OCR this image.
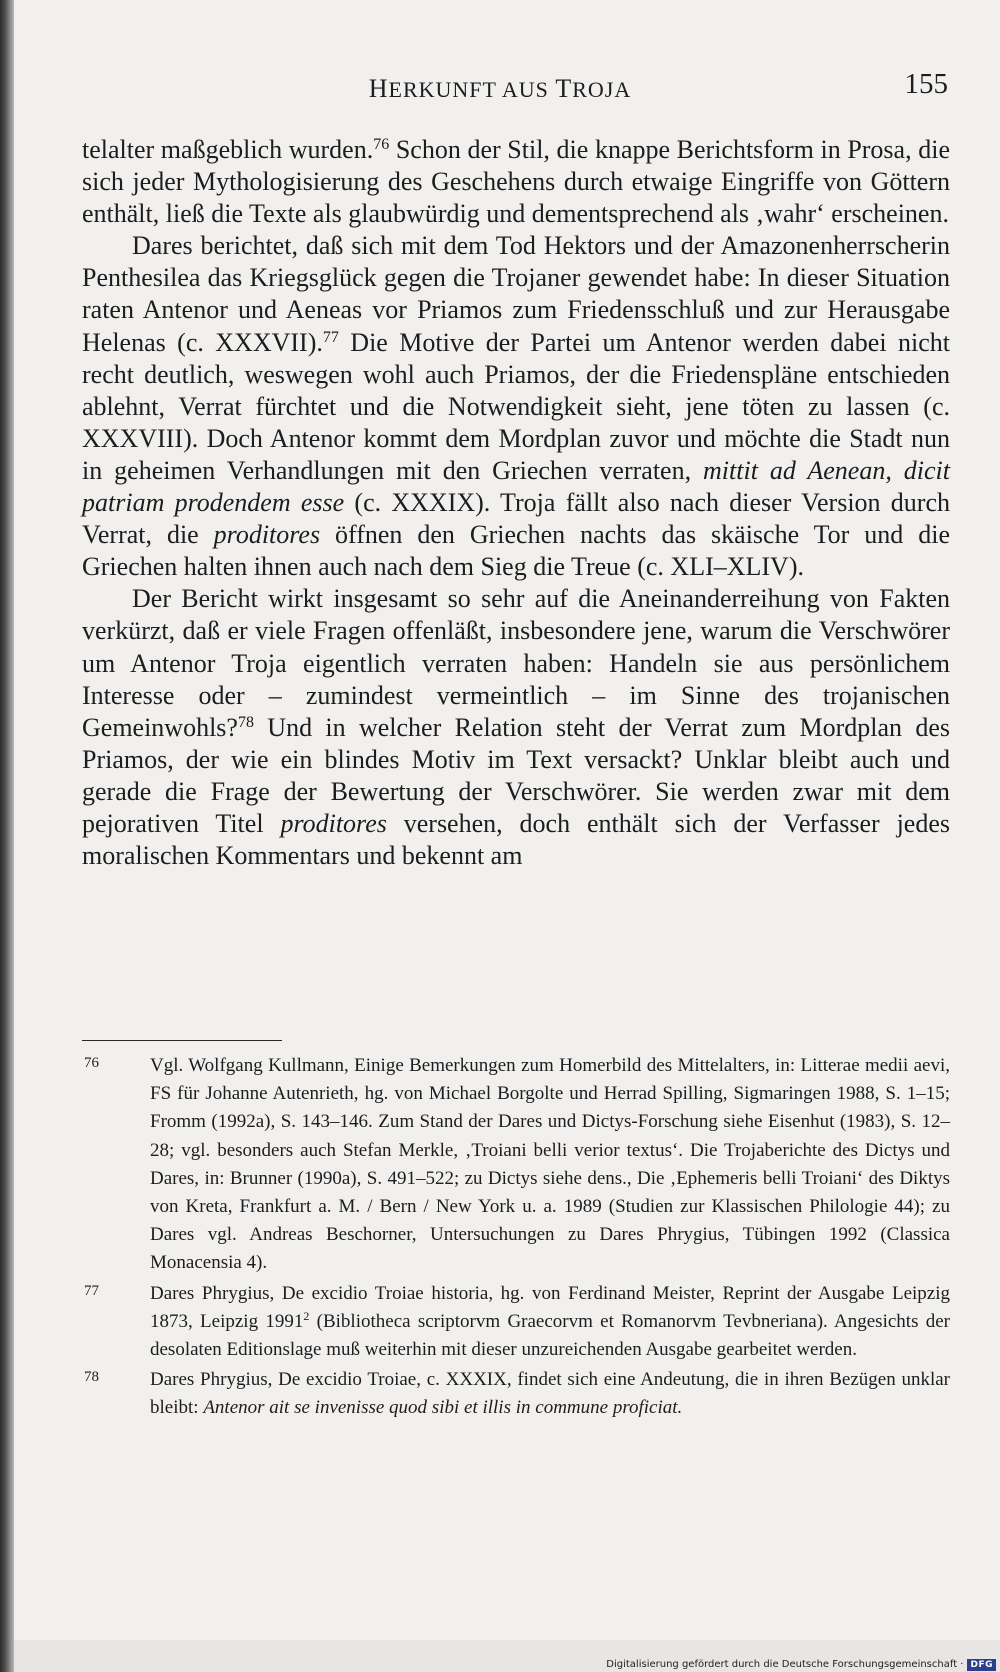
HERKUNFT AUS TROJA	155

telalter maßgeblich wurden.$^{76}$ Schon der Stil, die knappe Berichtsform in Prosa, die sich jeder Mythologisierung des Geschehens durch etwaige Eingriffe von Göttern enthält, ließ die Texte als glaubwürdig und dementsprechend als ‚wahr‘ erscheinen.

Dares berichtet, daß sich mit dem Tod Hektors und der Amazonenherrscherin Penthesilea das Kriegsglück gegen die Trojaner gewendet habe: In dieser Situation raten Antenor und Aeneas vor Priamos zum Friedensschluß und zur Herausgabe Helenas (c. XXXVII).$^{77}$ Die Motive der Partei um Antenor werden dabei nicht recht deutlich, weswegen wohl auch Priamos, der die Friedenspläne entschieden ablehnt, Verrat fürchtet und die Notwendigkeit sieht, jene töten zu lassen (c. XXXVIII). Doch Antenor kommt dem Mordplan zuvor und möchte die Stadt nun in geheimen Verhandlungen mit den Griechen verraten, mittit ad Aenean, dicit patriam prodendem esse (c. XXXIX). Troja fällt also nach dieser Version durch Verrat, die proditores öffnen den Griechen nachts das skäische Tor und die Griechen halten ihnen auch nach dem Sieg die Treue (c. XLI–XLIV).

Der Bericht wirkt insgesamt so sehr auf die Aneinanderreihung von Fakten verkürzt, daß er viele Fragen offenläßt, insbesondere jene, warum die Verschwörer um Antenor Troja eigentlich verraten haben: Handeln sie aus persönlichem Interesse oder – zumindest vermeintlich – im Sinne des trojanischen Gemeinwohls?$^{78}$ Und in welcher Relation steht der Verrat zum Mordplan des Priamos, der wie ein blindes Motiv im Text versackt? Unklar bleibt auch und gerade die Frage der Bewertung der Verschwörer. Sie werden zwar mit dem pejorativen Titel proditores versehen, doch enthält sich der Verfasser jedes moralischen Kommentars und bekennt am

76	Vgl. Wolfgang Kullmann, Einige Bemerkungen zum Homerbild des Mittelalters, in: Litterae medii aevi, FS für Johanne Autenrieth, hg. von Michael Borgolte und Herrad Spilling, Sigmaringen 1988, S. 1–15; Fromm (1992a), S. 143–146. Zum Stand der Dares und Dictys-Forschung siehe Eisenhut (1983), S. 12–28; vgl. besonders auch Stefan Merkle, ‚Troiani belli verior textus‘. Die Trojaberichte des Dictys und Dares, in: Brunner (1990a), S. 491–522; zu Dictys siehe dens., Die ‚Ephemeris belli Troiani‘ des Diktys von Kreta, Frankfurt a. M. / Bern / New York u. a. 1989 (Studien zur Klassischen Philologie 44); zu Dares vgl. Andreas Beschorner, Untersuchungen zu Dares Phrygius, Tübingen 1992 (Classica Monacensia 4).
77	Dares Phrygius, De excidio Troiae historia, hg. von Ferdinand Meister, Reprint der Ausgabe Leipzig 1873, Leipzig 1991$^2$ (Bibliotheca scriptorvm Graecorvm et Romanorvm Tevbneriana). Angesichts der desolaten Editionslage muß weiterhin mit dieser unzureichenden Ausgabe gearbeitet werden.
78	Dares Phrygius, De excidio Troiae, c. XXXIX, findet sich eine Andeutung, die in ihren Bezügen unklar bleibt: Antenor ait se invenisse quod sibi et illis in commune proficiat.
Digitalisierung gefördert durch die Deutsche Forschungsgemeinschaft · DFG
